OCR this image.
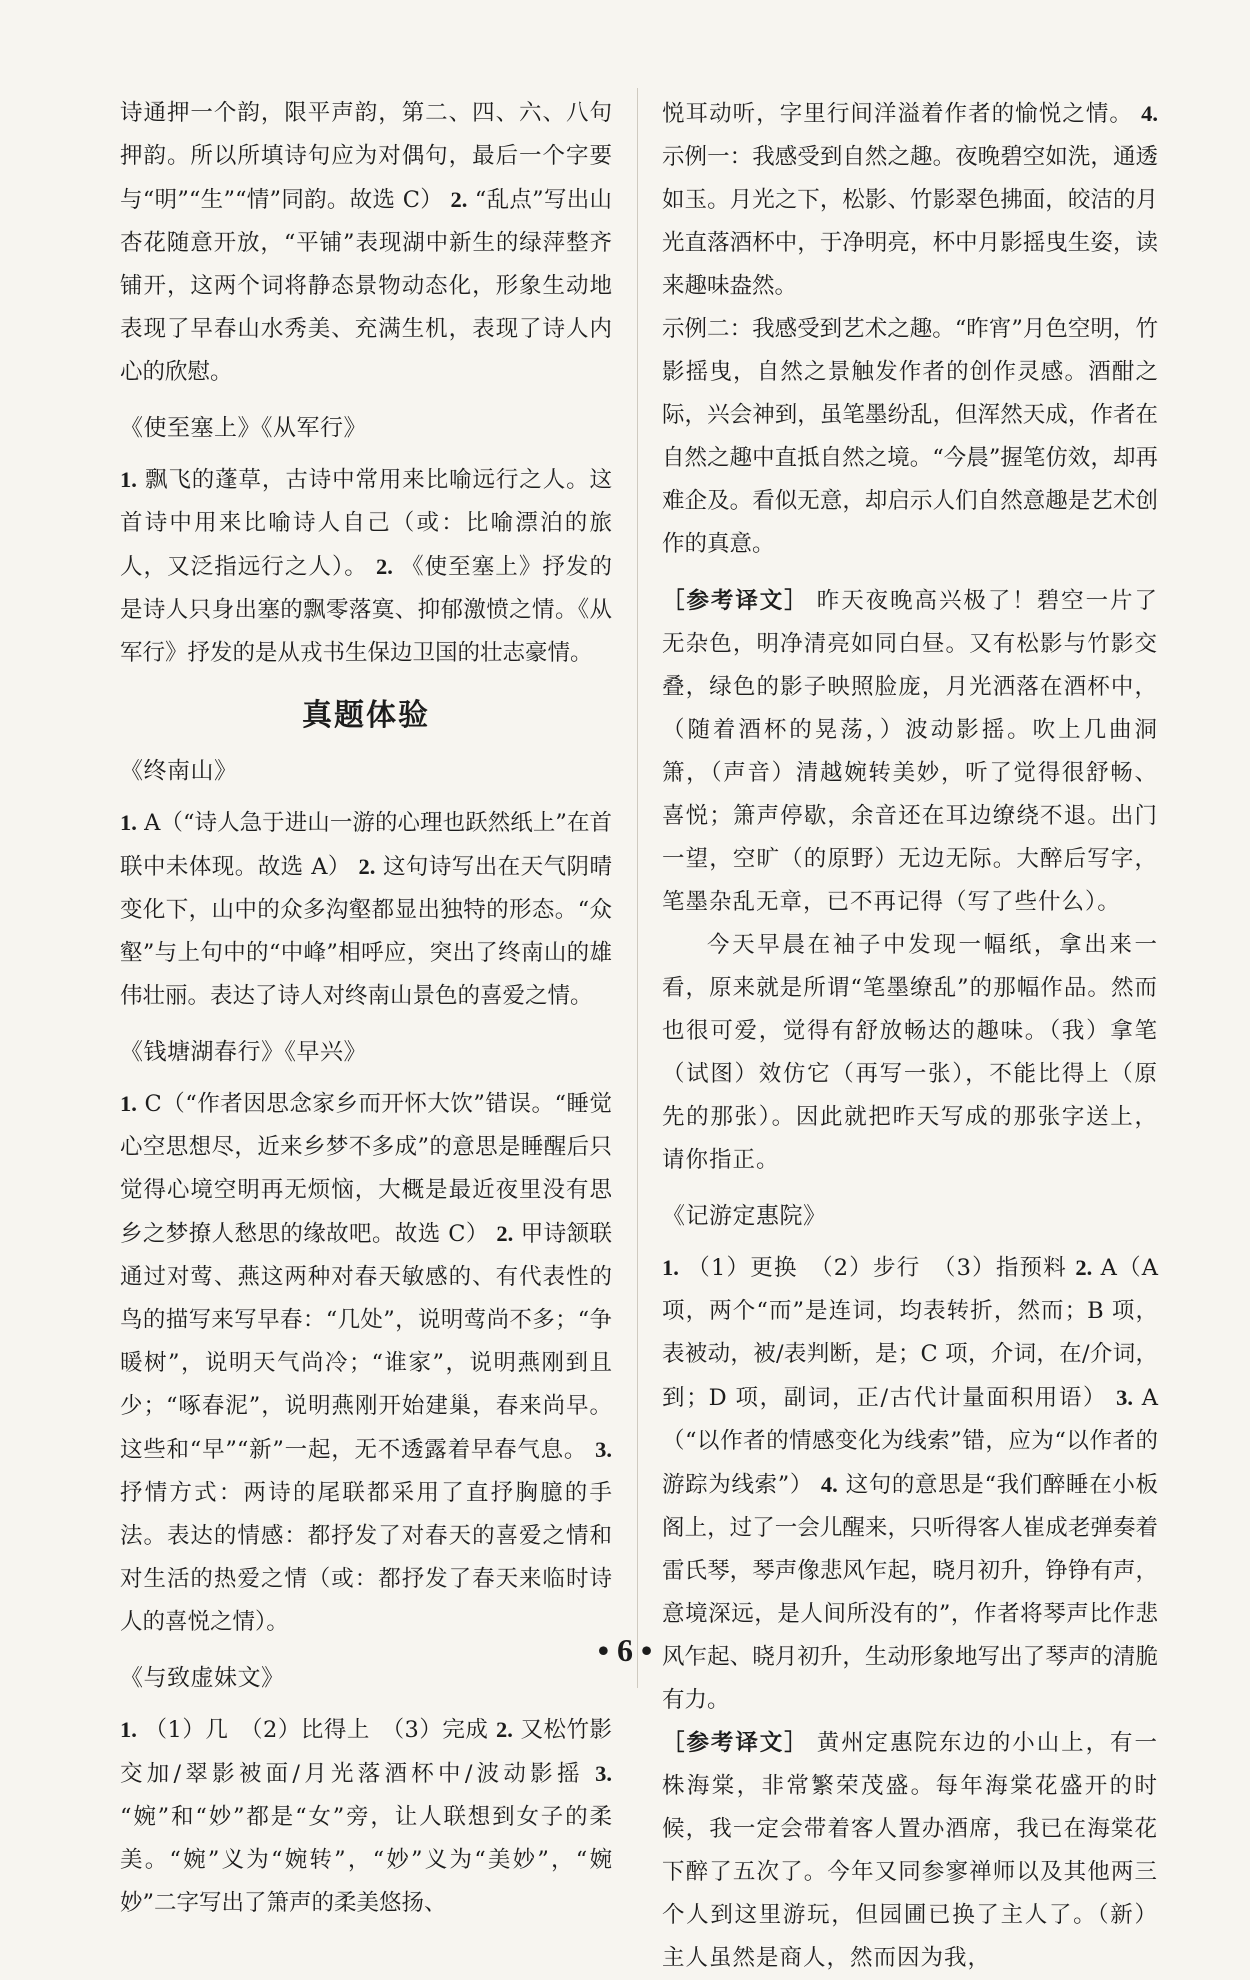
诗通押一个韵，限平声韵，第二、四、六、八句押韵。所以所填诗句应为对偶句，最后一个字要与“明”“生”“情”同韵。故选 C） 2. “乱点”写出山杏花随意开放，“平铺”表现湖中新生的绿萍整齐铺开，这两个词将静态景物动态化，形象生动地表现了早春山水秀美、充满生机，表现了诗人内心的欣慰。

《使至塞上》《从军行》

1. 飘飞的蓬草，古诗中常用来比喻远行之人。这首诗中用来比喻诗人自己（或：比喻漂泊的旅人，又泛指远行之人）。 2. 《使至塞上》抒发的是诗人只身出塞的飘零落寞、抑郁激愤之情。《从军行》抒发的是从戎书生保边卫国的壮志豪情。

真题体验
《终南山》

1. A（“诗人急于进山一游的心理也跃然纸上”在首联中未体现。故选 A） 2. 这句诗写出在天气阴晴变化下，山中的众多沟壑都显出独特的形态。“众壑”与上句中的“中峰”相呼应，突出了终南山的雄伟壮丽。表达了诗人对终南山景色的喜爱之情。

《钱塘湖春行》《早兴》

1. C（“作者因思念家乡而开怀大饮”错误。“睡觉心空思想尽，近来乡梦不多成”的意思是睡醒后只觉得心境空明再无烦恼，大概是最近夜里没有思乡之梦撩人愁思的缘故吧。故选 C） 2. 甲诗颔联通过对莺、燕这两种对春天敏感的、有代表性的鸟的描写来写早春：“几处”，说明莺尚不多；“争暖树”，说明天气尚冷；“谁家”，说明燕刚到且少；“啄春泥”，说明燕刚开始建巢，春来尚早。这些和“早”“新”一起，无不透露着早春气息。 3. 抒情方式：两诗的尾联都采用了直抒胸臆的手法。表达的情感：都抒发了对春天的喜爱之情和对生活的热爱之情（或：都抒发了春天来临时诗人的喜悦之情）。

《与致虚妹文》

1. （1）几　（2）比得上　（3）完成 2. 又松竹影交加/翠影被面/月光落酒杯中/波动影摇 3. “婉”和“妙”都是“女”旁，让人联想到女子的柔美。“婉”义为“婉转”，“妙”义为“美妙”，“婉妙”二字写出了箫声的柔美悠扬、

悦耳动听，字里行间洋溢着作者的愉悦之情。 4. 示例一：我感受到自然之趣。夜晚碧空如洗，通透如玉。月光之下，松影、竹影翠色拂面，皎洁的月光直落酒杯中，于净明亮，杯中月影摇曳生姿，读来趣味盎然。

示例二：我感受到艺术之趣。“昨宵”月色空明，竹影摇曳，自然之景触发作者的创作灵感。酒酣之际，兴会神到，虽笔墨纷乱，但浑然天成，作者在自然之趣中直抵自然之境。“今晨”握笔仿效，却再难企及。看似无意，却启示人们自然意趣是艺术创作的真意。

［参考译文］ 昨天夜晚高兴极了！碧空一片了无杂色，明净清亮如同白昼。又有松影与竹影交叠，绿色的影子映照脸庞，月光洒落在酒杯中，（随着酒杯的晃荡，）波动影摇。吹上几曲洞箫，（声音）清越婉转美妙，听了觉得很舒畅、喜悦；箫声停歇，余音还在耳边缭绕不退。出门一望，空旷（的原野）无边无际。大醉后写字，笔墨杂乱无章，已不再记得（写了些什么）。

今天早晨在袖子中发现一幅纸，拿出来一看，原来就是所谓“笔墨缭乱”的那幅作品。然而也很可爱，觉得有舒放畅达的趣味。（我）拿笔（试图）效仿它（再写一张），不能比得上（原先的那张）。因此就把昨天写成的那张字送上，请你指正。

《记游定惠院》

1. （1）更换　（2）步行　（3）指预料 2. A（A 项，两个“而”是连词，均表转折，然而；B 项，表被动，被/表判断，是；C 项，介词，在/介词，到；D 项，副词，正/古代计量面积用语） 3. A（“以作者的情感变化为线索”错，应为“以作者的游踪为线索”） 4. 这句的意思是“我们醉睡在小板阁上，过了一会儿醒来，只听得客人崔成老弹奏着雷氏琴，琴声像悲风乍起，晓月初升，铮铮有声，意境深远，是人间所没有的”，作者将琴声比作悲风乍起、晓月初升，生动形象地写出了琴声的清脆有力。

［参考译文］ 黄州定惠院东边的小山上，有一株海棠，非常繁荣茂盛。每年海棠花盛开的时候，我一定会带着客人置办酒席，我已在海棠花下醉了五次了。今年又同参寥禅师以及其他两三个人到这里游玩，但园圃已换了主人了。（新）主人虽然是商人，然而因为我，

• 6 •
